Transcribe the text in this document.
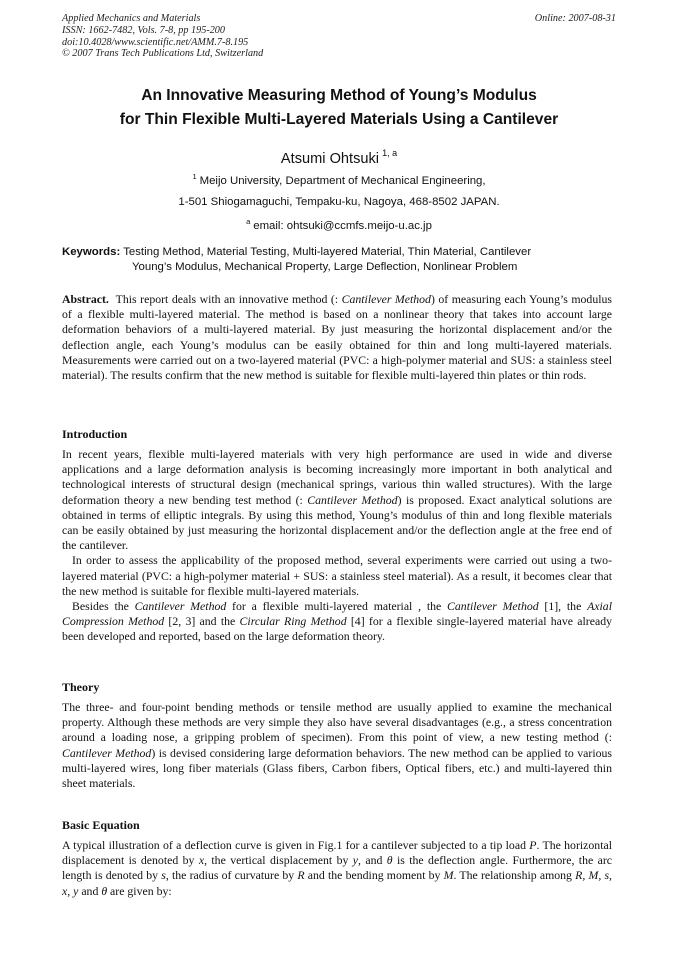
Applied Mechanics and Materials
ISSN: 1662-7482, Vols. 7-8, pp 195-200
doi:10.4028/www.scientific.net/AMM.7-8.195
© 2007 Trans Tech Publications Ltd, Switzerland
Online: 2007-08-31
An Innovative Measuring Method of Young’s Modulus
for Thin Flexible Multi-Layered Materials Using a Cantilever
Atsumi Ohtsuki $^{1, a}$
$^1$ Meijo University, Department of Mechanical Engineering,
1-501 Shiogamaguchi, Tempaku-ku, Nagoya, 468-8502 JAPAN.
$^a$ email: ohtsuki@ccmfs.meijo-u.ac.jp
Keywords: Testing Method, Material Testing, Multi-layered Material, Thin Material, Cantilever
Young’s Modulus, Mechanical Property, Large Deflection, Nonlinear Problem

Abstract. This report deals with an innovative method (: Cantilever Method) of measuring each Young’s modulus of a flexible multi-layered material. The method is based on a nonlinear theory that takes into account large deformation behaviors of a multi-layered material. By just measuring the horizontal displacement and/or the deflection angle, each Young’s modulus can be easily obtained for thin and long multi-layered materials. Measurements were carried out on a two-layered material (PVC: a high-polymer material and SUS: a stainless steel material). The results confirm that the new method is suitable for flexible multi-layered thin plates or thin rods.

Introduction

In recent years, flexible multi-layered materials with very high performance are used in wide and diverse applications and a large deformation analysis is becoming increasingly more important in both analytical and technological interests of structural design (mechanical springs, various thin walled structures). With the large deformation theory a new bending test method (: Cantilever Method) is proposed. Exact analytical solutions are obtained in terms of elliptic integrals. By using this method, Young’s modulus of thin and long flexible materials can be easily obtained by just measuring the horizontal displacement and/or the deflection angle at the free end of the cantilever.

In order to assess the applicability of the proposed method, several experiments were carried out using a two-layered material (PVC: a high-polymer material + SUS: a stainless steel material). As a result, it becomes clear that the new method is suitable for flexible multi-layered materials.

Besides the Cantilever Method for a flexible multi-layered material , the Cantilever Method [1], the Axial Compression Method [2, 3] and the Circular Ring Method [4] for a flexible single-layered material have already been developed and reported, based on the large deformation theory.

Theory

The three- and four-point bending methods or tensile method are usually applied to examine the mechanical property. Although these methods are very simple they also have several disadvantages (e.g., a stress concentration around a loading nose, a gripping problem of specimen). From this point of view, a new testing method (: Cantilever Method) is devised considering large deformation behaviors. The new method can be applied to various multi-layered wires, long fiber materials (Glass fibers, Carbon fibers, Optical fibers, etc.) and multi-layered thin sheet materials.

Basic Equation

A typical illustration of a deflection curve is given in Fig.1 for a cantilever subjected to a tip load P. The horizontal displacement is denoted by x, the vertical displacement by y, and θ is the deflection angle. Furthermore, the arc length is denoted by s, the radius of curvature by R and the bending moment by M. The relationship among R, M, s, x, y and θ are given by:
